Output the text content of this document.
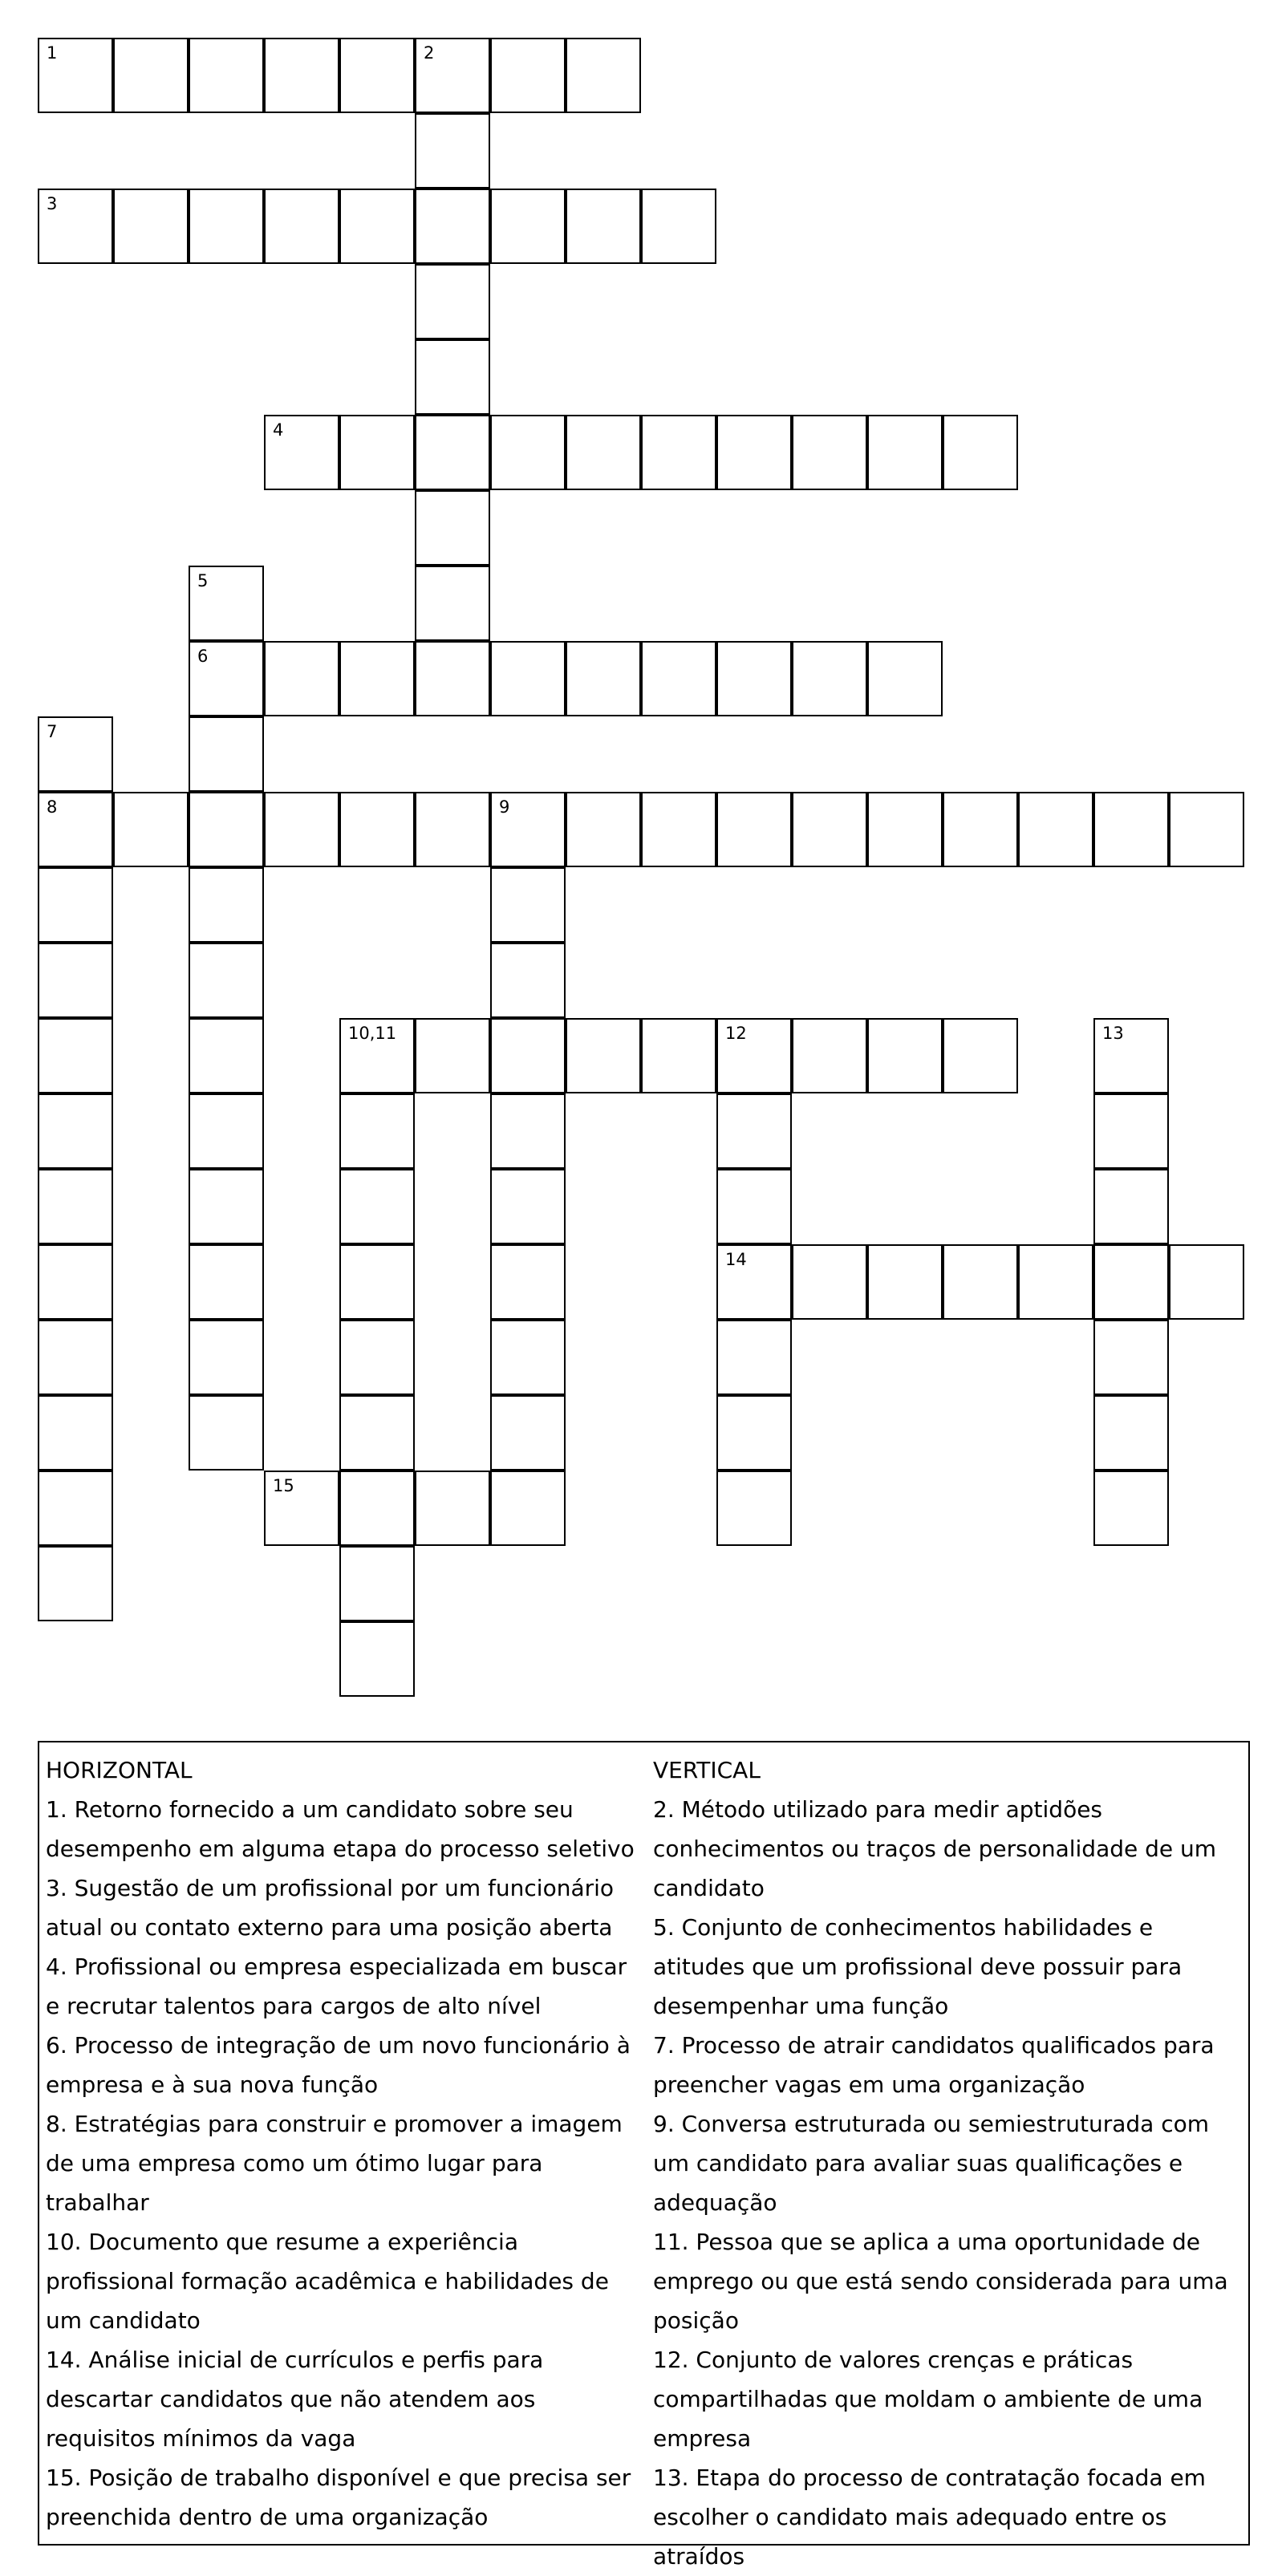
1	2
3
4
5
6
7
8	9
10,11	12	13
14
15
HORIZONTAL
1. Retorno fornecido a um candidato sobre seu desempenho em alguma etapa do processo seletivo
3. Sugestão de um profissional por um funcionário atual ou contato externo para uma posição aberta
4. Profissional ou empresa especializada em buscar e recrutar talentos para cargos de alto nível
6. Processo de integração de um novo funcionário à empresa e à sua nova função
8. Estratégias para construir e promover a imagem de uma empresa como um ótimo lugar para trabalhar
10. Documento que resume a experiência profissional formação acadêmica e habilidades de um candidato
14. Análise inicial de currículos e perfis para descartar candidatos que não atendem aos requisitos mínimos da vaga
15. Posição de trabalho disponível e que precisa ser preenchida dentro de uma organização
VERTICAL
2. Método utilizado para medir aptidões conhecimentos ou traços de personalidade de um candidato
5. Conjunto de conhecimentos habilidades e atitudes que um profissional deve possuir para desempenhar uma função
7. Processo de atrair candidatos qualificados para preencher vagas em uma organização
9. Conversa estruturada ou semiestruturada com um candidato para avaliar suas qualificações e adequação
11. Pessoa que se aplica a uma oportunidade de emprego ou que está sendo considerada para uma posição
12. Conjunto de valores crenças e práticas compartilhadas que moldam o ambiente de uma empresa
13. Etapa do processo de contratação focada em escolher o candidato mais adequado entre os atraídos
